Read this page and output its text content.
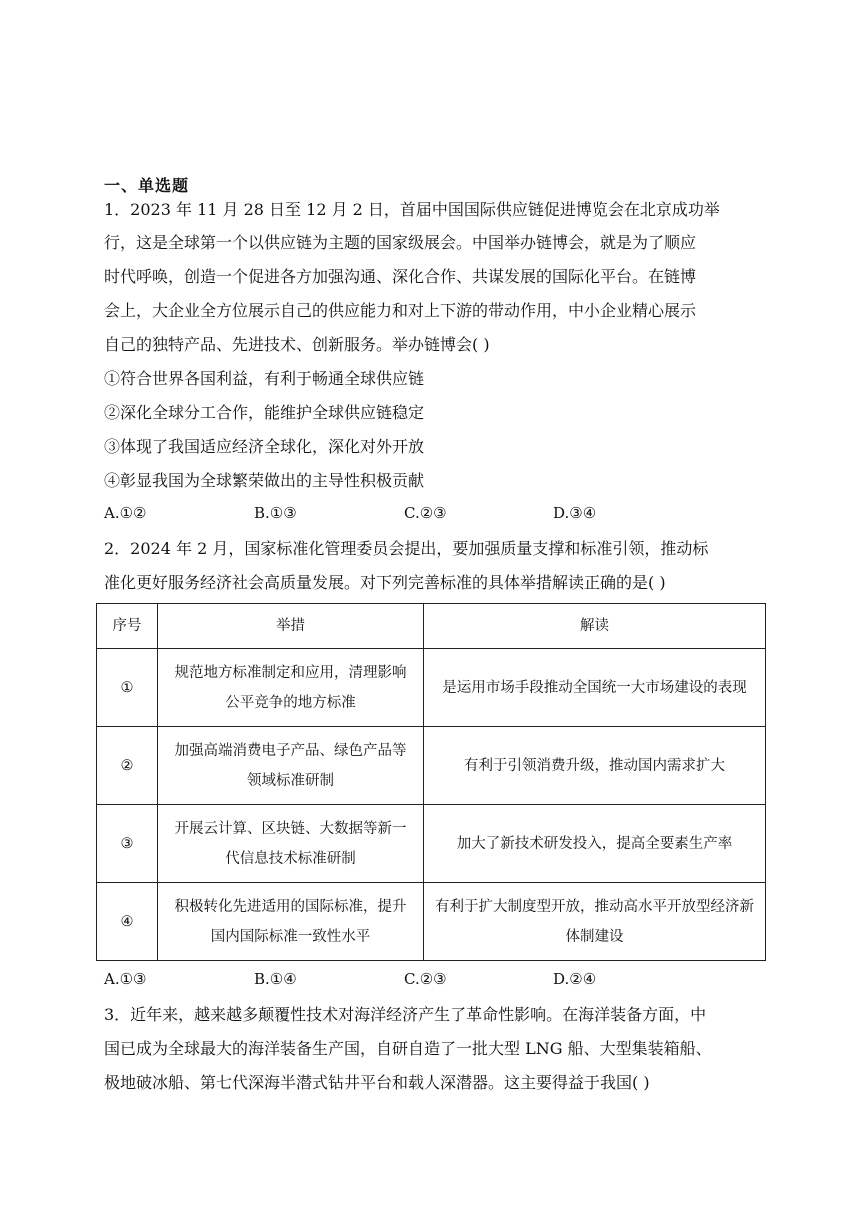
一、单选题
1．2023 年 11 月 28 日至 12 月 2 日，首届中国国际供应链促进博览会在北京成功举
行，这是全球第一个以供应链为主题的国家级展会。中国举办链博会，就是为了顺应
时代呼唤，创造一个促进各方加强沟通、深化合作、共谋发展的国际化平台。在链博
会上，大企业全方位展示自己的供应能力和对上下游的带动作用，中小企业精心展示
自己的独特产品、先进技术、创新服务。举办链博会( )
①符合世界各国利益，有利于畅通全球供应链
②深化全球分工合作，能维护全球供应链稳定
③体现了我国适应经济全球化，深化对外开放
④彰显我国为全球繁荣做出的主导性积极贡献
A.①②	B.①③	C.②③	D.③④
2．2024 年 2 月，国家标准化管理委员会提出，要加强质量支撑和标准引领，推动标
准化更好服务经济社会高质量发展。对下列完善标准的具体举措解读正确的是( )
序号	举措	解读
①	规范地方标准制定和应用，清理影响公平竞争的地方标准	是运用市场手段推动全国统一大市场建设的表现
②	加强高端消费电子产品、绿色产品等领域标准研制	有利于引领消费升级，推动国内需求扩大
③	开展云计算、区块链、大数据等新一代信息技术标准研制	加大了新技术研发投入，提高全要素生产率
④	积极转化先进适用的国际标准，提升国内国际标准一致性水平	有利于扩大制度型开放，推动高水平开放型经济新体制建设
A.①③	B.①④	C.②③	D.②④
3．近年来，越来越多颠覆性技术对海洋经济产生了革命性影响。在海洋装备方面，中
国已成为全球最大的海洋装备生产国，自研自造了一批大型 LNG 船、大型集装箱船、
极地破冰船、第七代深海半潜式钻井平台和载人深潜器。这主要得益于我国( )
